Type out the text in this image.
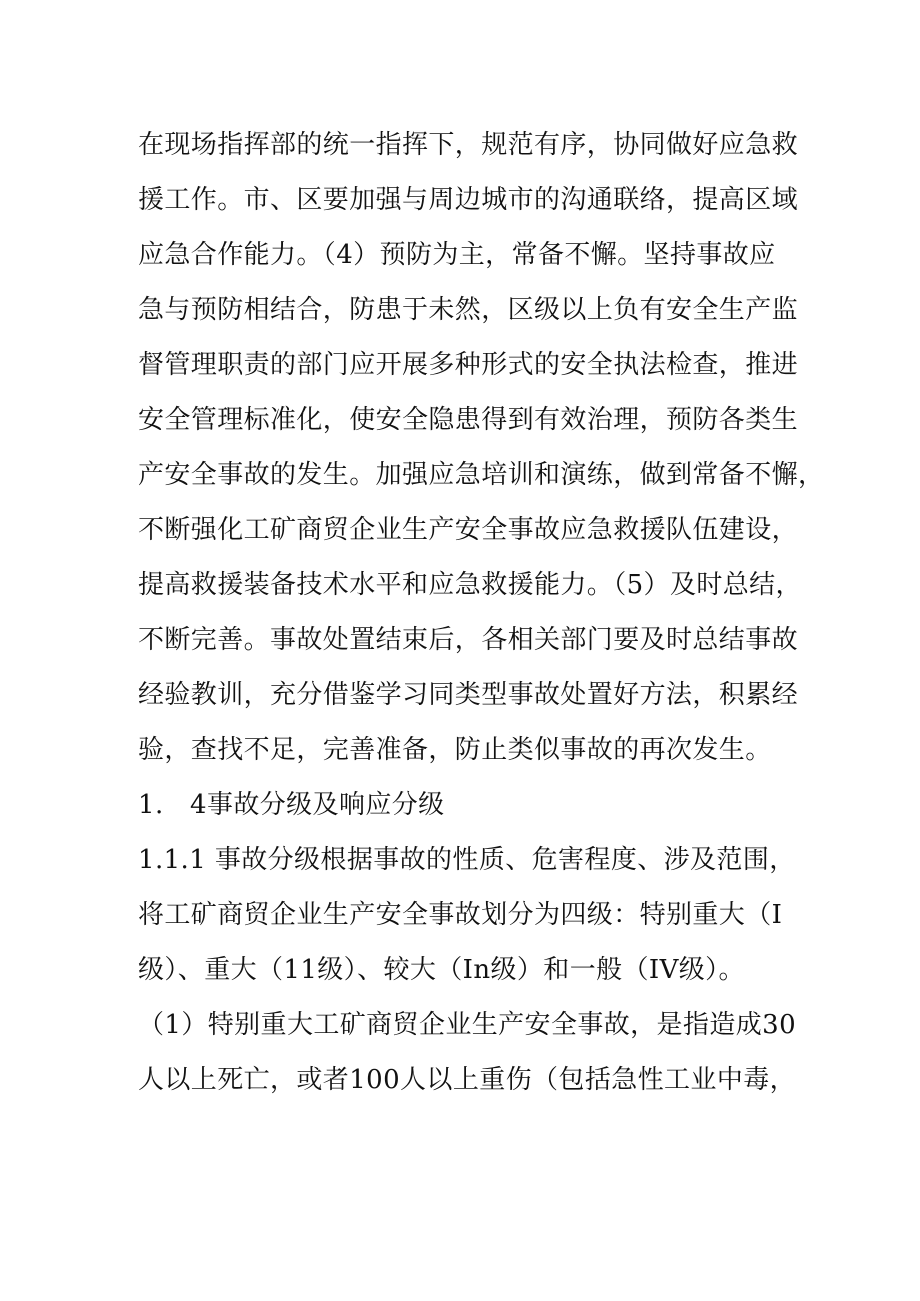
在现场指挥部的统一指挥下，规范有序，协同做好应急救
援工作。市、区要加强与周边城市的沟通联络，提高区域
应急合作能力。（4）预防为主，常备不懈。坚持事故应
急与预防相结合，防患于未然，区级以上负有安全生产监
督管理职责的部门应开展多种形式的安全执法检查，推进
安全管理标准化，使安全隐患得到有效治理，预防各类生
产安全事故的发生。加强应急培训和演练，做到常备不懈，
不断强化工矿商贸企业生产安全事故应急救援队伍建设，
提高救援装备技术水平和应急救援能力。（5）及时总结，
不断完善。事故处置结束后，各相关部门要及时总结事故
经验教训，充分借鉴学习同类型事故处置好方法，积累经
验，查找不足，完善准备，防止类似事故的再次发生。
1.　4事故分级及响应分级
1.1.1 事故分级根据事故的性质、危害程度、涉及范围，
将工矿商贸企业生产安全事故划分为四级：特别重大（I
级）、重大（11级）、较大（In级）和一般（IV级）。
（1）特别重大工矿商贸企业生产安全事故，是指造成30
人以上死亡，或者100人以上重伤（包括急性工业中毒，
